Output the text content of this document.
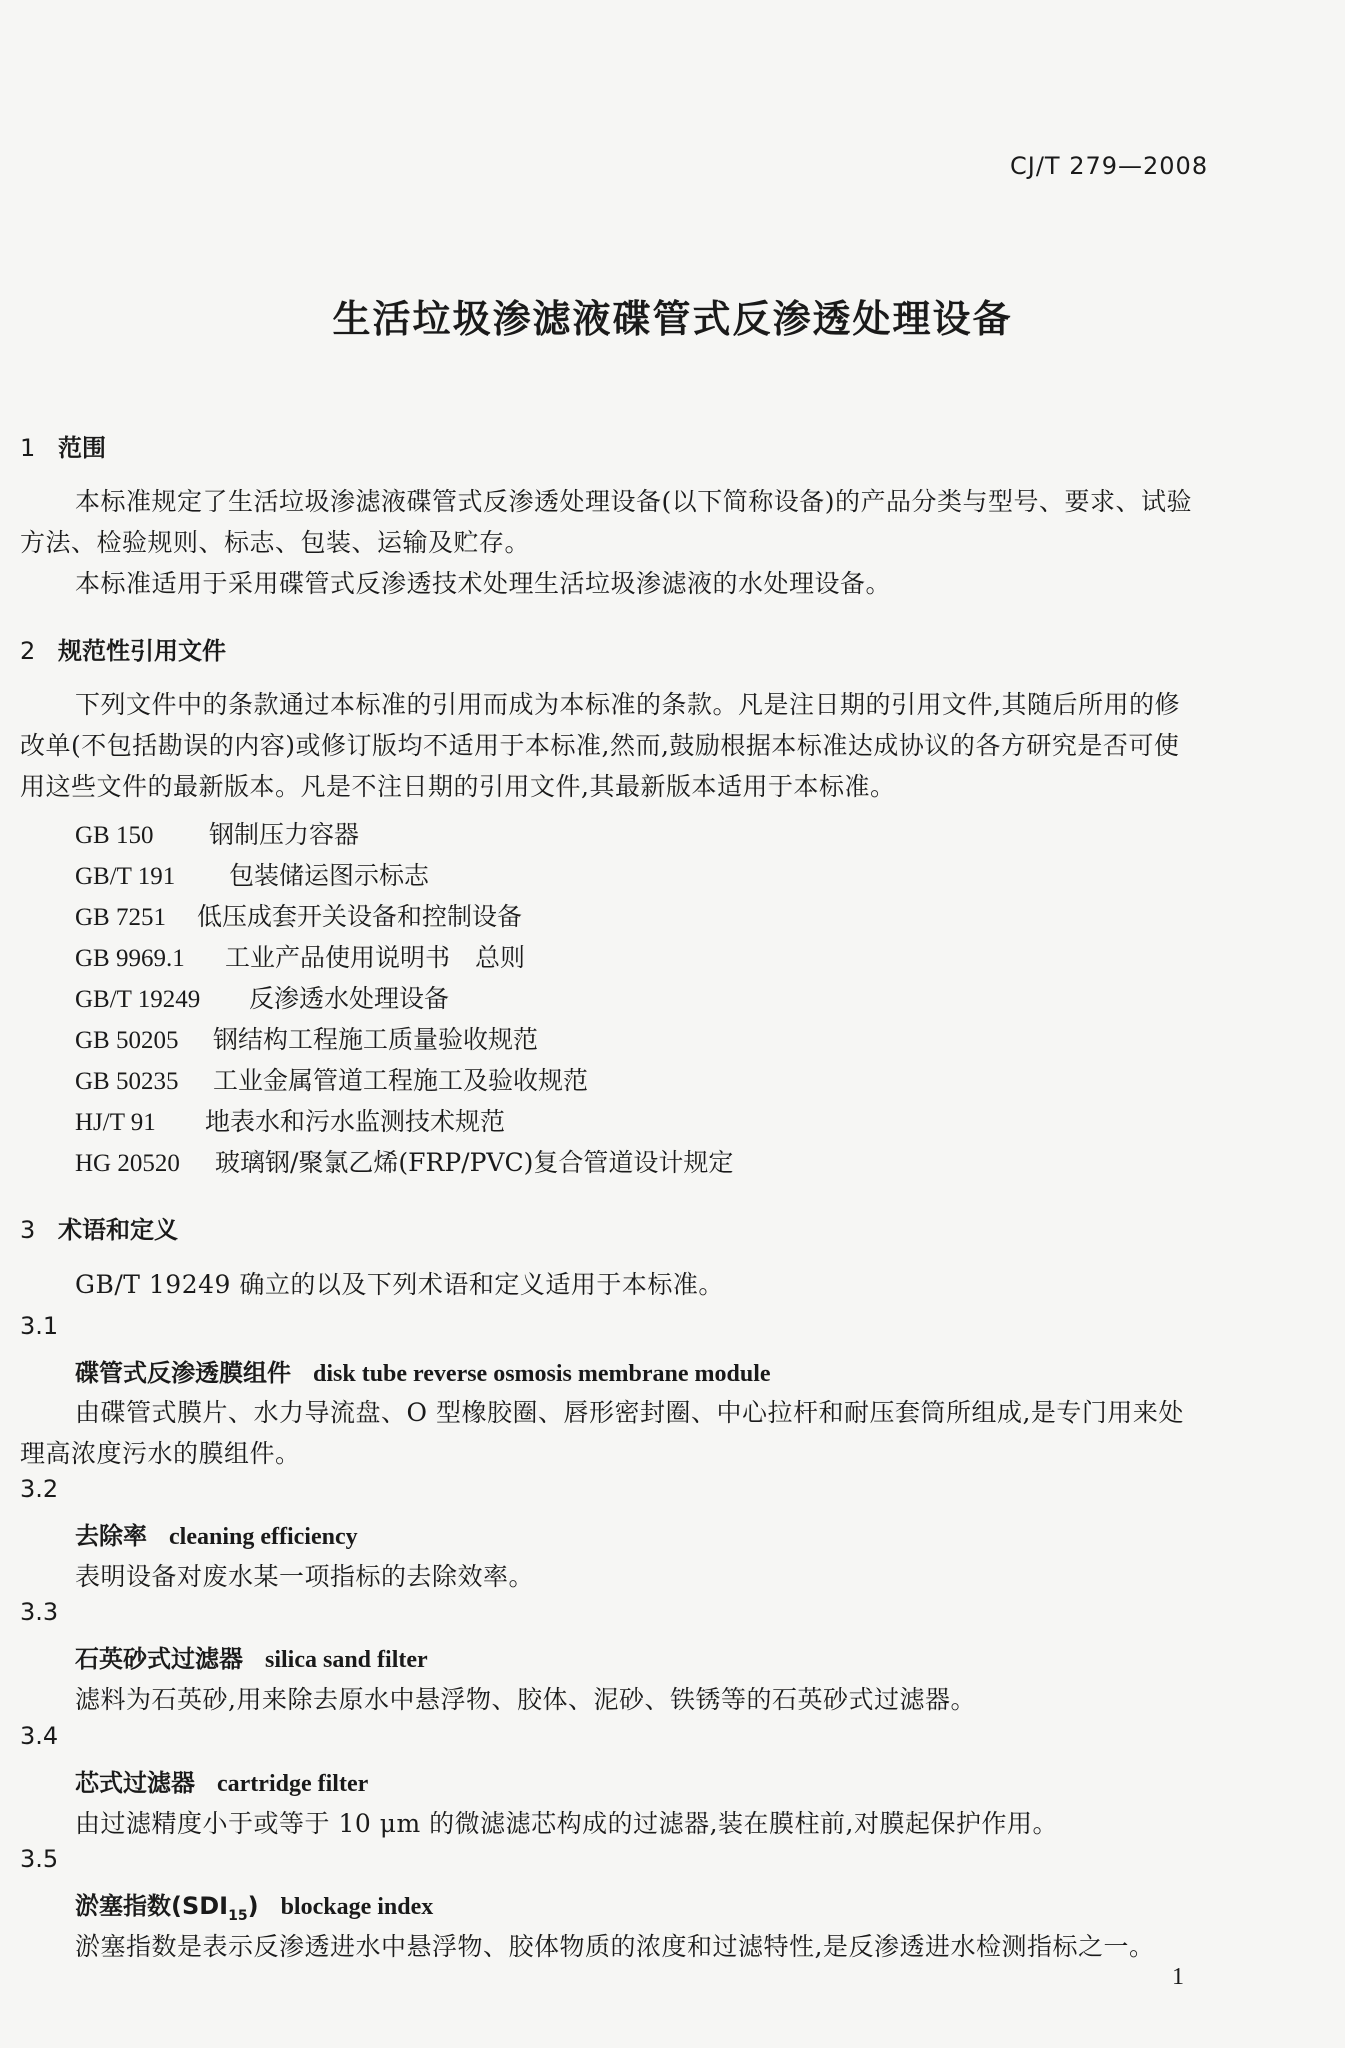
CJ/T 279—2008
生活垃圾渗滤液碟管式反渗透处理设备
1 范围
本标准规定了生活垃圾渗滤液碟管式反渗透处理设备(以下简称设备)的产品分类与型号、要求、试验方法、检验规则、标志、包装、运输及贮存。
本标准适用于采用碟管式反渗透技术处理生活垃圾渗滤液的水处理设备。
2 规范性引用文件
下列文件中的条款通过本标准的引用而成为本标准的条款。凡是注日期的引用文件,其随后所用的修改单(不包括勘误的内容)或修订版均不适用于本标准,然而,鼓励根据本标准达成协议的各方研究是否可使用这些文件的最新版本。凡是不注日期的引用文件,其最新版本适用于本标准。
GB 150 钢制压力容器
GB/T 191 包装储运图示标志
GB 7251 低压成套开关设备和控制设备
GB 9969.1 工业产品使用说明书　总则
GB/T 19249 反渗透水处理设备
GB 50205 钢结构工程施工质量验收规范
GB 50235 工业金属管道工程施工及验收规范
HJ/T 91 地表水和污水监测技术规范
HG 20520 玻璃钢/聚氯乙烯(FRP/PVC)复合管道设计规定
3 术语和定义
GB/T 19249 确立的以及下列术语和定义适用于本标准。
3.1
碟管式反渗透膜组件 disk tube reverse osmosis membrane module
由碟管式膜片、水力导流盘、O 型橡胶圈、唇形密封圈、中心拉杆和耐压套筒所组成,是专门用来处
理高浓度污水的膜组件。
3.2
去除率 cleaning efficiency
表明设备对废水某一项指标的去除效率。
3.3
石英砂式过滤器 silica sand filter
滤料为石英砂,用来除去原水中悬浮物、胶体、泥砂、铁锈等的石英砂式过滤器。
3.4
芯式过滤器 cartridge filter
由过滤精度小于或等于 10 μm 的微滤滤芯构成的过滤器,装在膜柱前,对膜起保护作用。
3.5
淤塞指数$(SDI_{15})$ blockage index
淤塞指数是表示反渗透进水中悬浮物、胶体物质的浓度和过滤特性,是反渗透进水检测指标之一。
1
